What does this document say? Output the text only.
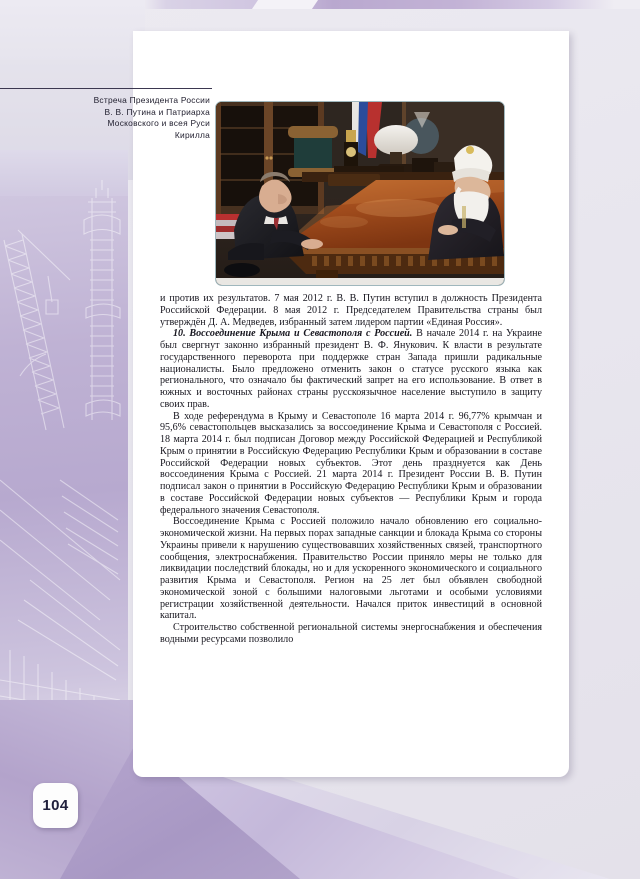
Встреча Президента России
В. В. Путина и Патриарха
Московского и всея Руси
Кирилла

и против их результатов. 7 мая 2012 г. В. В. Путин вступил в должность Президента Российской Федерации. 8 мая 2012 г. Председателем Правительства страны был утверждён Д. А. Медведев, избранный затем лидером партии «Единая Россия».

10. Воссоединение Крыма и Севастополя с Россией. В начале 2014 г. на Украине был свергнут законно избранный президент В. Ф. Янукович. К власти в результате государственного переворота при поддержке стран Запада пришли радикальные националисты. Было предложено отменить закон о статусе русского языка как регионального, что означало бы фактический запрет на его использование. В ответ в южных и восточных районах страны русскоязычное население выступило в защиту своих прав.

В ходе референдума в Крыму и Севастополе 16 марта 2014 г. 96,77% крымчан и 95,6% севастопольцев высказались за воссоединение Крыма и Севастополя с Россией. 18 марта 2014 г. был подписан Договор между Российской Федерацией и Республикой Крым о принятии в Российскую Федерацию Республики Крым и образовании в составе Российской Федерации новых субъектов. Этот день празднуется как День воссоединения Крыма с Россией. 21 марта 2014 г. Президент России В. В. Путин подписал закон о принятии в Российскую Федерацию Республики Крым и образовании в составе Российской Федерации новых субъектов — Республики Крым и города федерального значения Севастополя.

Воссоединение Крыма с Россией положило начало обновлению его социально-экономической жизни. На первых порах западные санкции и блокада Крыма со стороны Украины привели к нарушению существовавших хозяйственных связей, транспортного сообщения, электроснабжения. Правительство России приняло меры не только для ликвидации последствий блокады, но и для ускоренного экономического и социального развития Крыма и Севастополя. Регион на 25 лет был объявлен свободной экономической зоной с большими налоговыми льготами и особыми условиями регистрации хозяйственной деятельности. Начался приток инвестиций в основной капитал.

Строительство собственной региональной системы энергоснабжения и обеспечения водными ресурсами позволило

104
